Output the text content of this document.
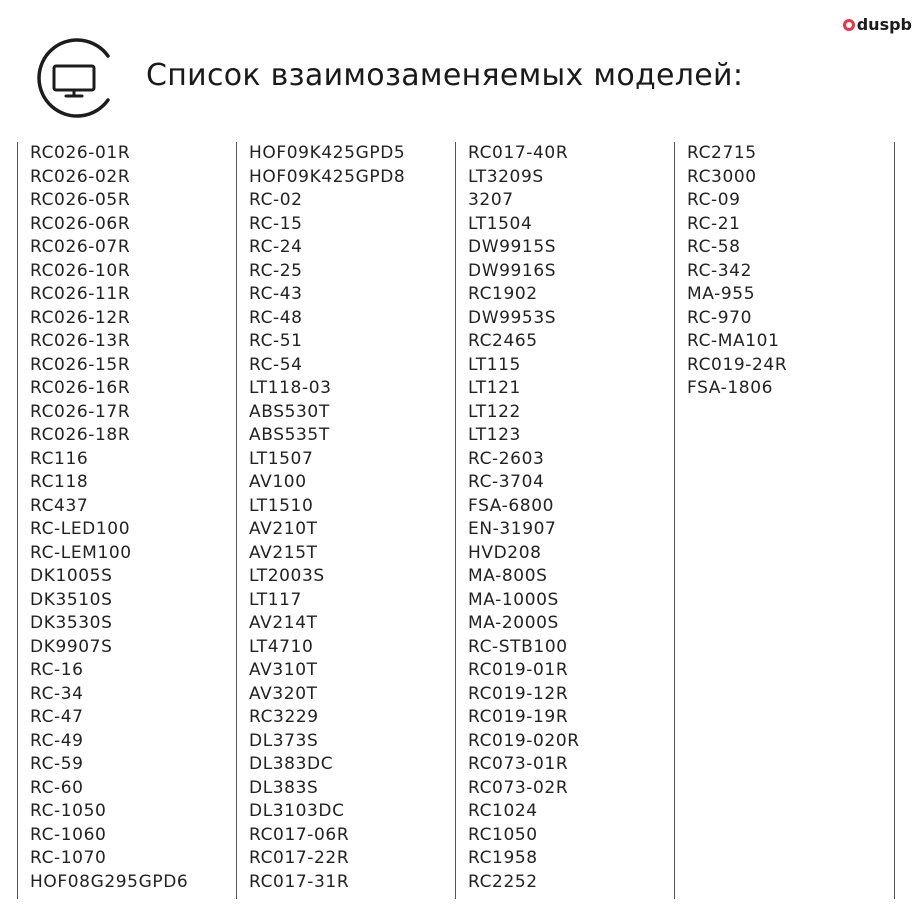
duspb
Список взаимозаменяемых моделей:
RC026-01R
RC026-02R
RC026-05R
RC026-06R
RC026-07R
RC026-10R
RC026-11R
RC026-12R
RC026-13R
RC026-15R
RC026-16R
RC026-17R
RC026-18R
RC116
RC118
RC437
RC-LED100
RC-LEM100
DK1005S
DK3510S
DK3530S
DK9907S
RC-16
RC-34
RC-47
RC-49
RC-59
RC-60
RC-1050
RC-1060
RC-1070
HOF08G295GPD6
HOF09K425GPD5
HOF09K425GPD8
RC-02
RC-15
RC-24
RC-25
RC-43
RC-48
RC-51
RC-54
LT118-03
ABS530T
ABS535T
LT1507
AV100
LT1510
AV210T
AV215T
LT2003S
LT117
AV214T
LT4710
AV310T
AV320T
RC3229
DL373S
DL383DC
DL383S
DL3103DC
RC017-06R
RC017-22R
RC017-31R
RC017-40R
LT3209S
3207
LT1504
DW9915S
DW9916S
RC1902
DW9953S
RC2465
LT115
LT121
LT122
LT123
RC-2603
RC-3704
FSA-6800
EN-31907
HVD208
MA-800S
MA-1000S
MA-2000S
RC-STB100
RC019-01R
RC019-12R
RC019-19R
RC019-020R
RC073-01R
RC073-02R
RC1024
RC1050
RC1958
RC2252
RC2715
RC3000
RC-09
RC-21
RC-58
RC-342
MA-955
RC-970
RC-MA101
RC019-24R
FSA-1806
